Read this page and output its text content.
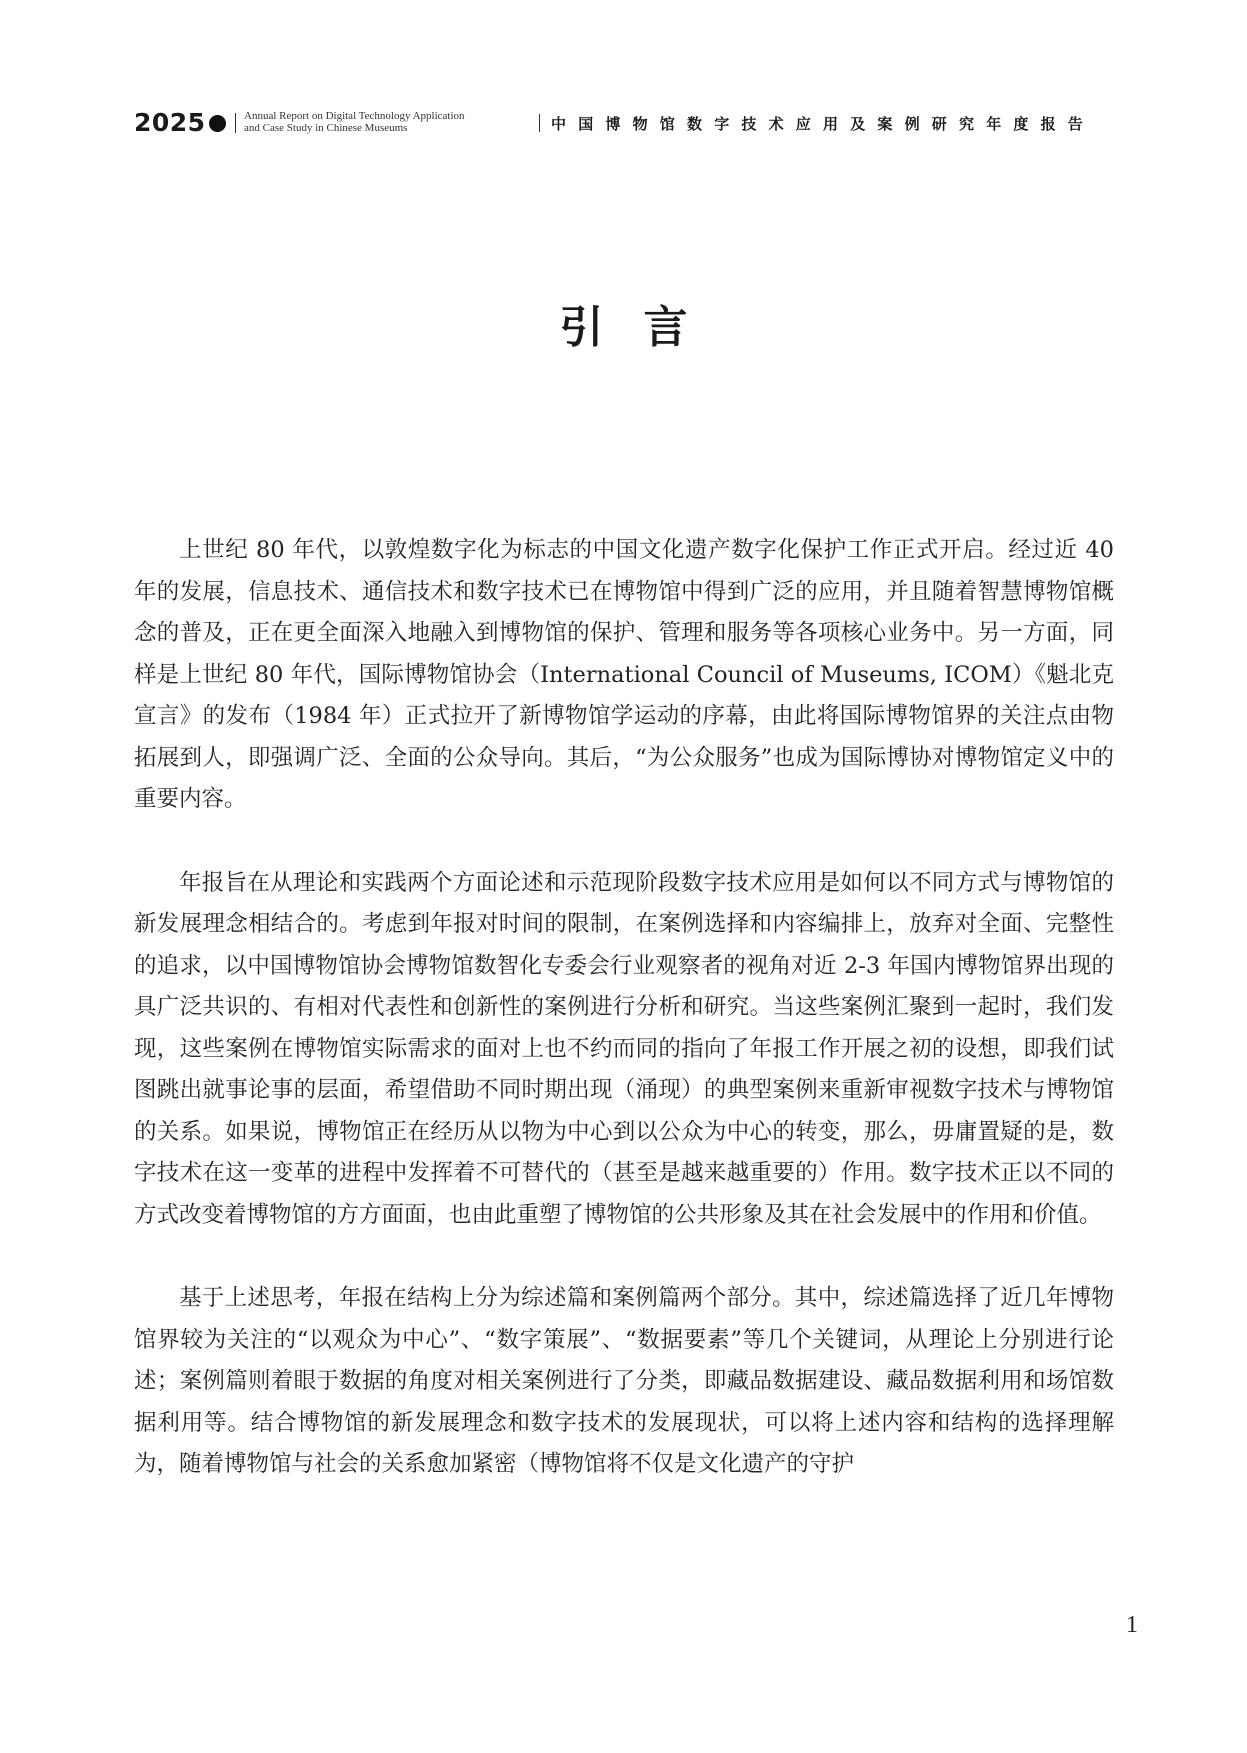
2025	Annual Report on Digital Technology Application
and Case Study in Chinese Museums	中国博物馆数字技术应用及案例研究年度报告
引言

上世纪 80 年代，以敦煌数字化为标志的中国文化遗产数字化保护工作正式开启。经过近 40 年的发展，信息技术、通信技术和数字技术已在博物馆中得到广泛的应用，并且随着智慧博物馆概念的普及，正在更全面深入地融入到博物馆的保护、管理和服务等各项核心业务中。另一方面，同样是上世纪 80 年代，国际博物馆协会（International Council of Museums, ICOM）《魁北克宣言》的发布（1984 年）正式拉开了新博物馆学运动的序幕，由此将国际博物馆界的关注点由物拓展到人，即强调广泛、全面的公众导向。其后，“为公众服务”也成为国际博协对博物馆定义中的重要内容。

年报旨在从理论和实践两个方面论述和示范现阶段数字技术应用是如何以不同方式与博物馆的新发展理念相结合的。考虑到年报对时间的限制，在案例选择和内容编排上，放弃对全面、完整性的追求，以中国博物馆协会博物馆数智化专委会行业观察者的视角对近 2-3 年国内博物馆界出现的具广泛共识的、有相对代表性和创新性的案例进行分析和研究。当这些案例汇聚到一起时，我们发现，这些案例在博物馆实际需求的面对上也不约而同的指向了年报工作开展之初的设想，即我们试图跳出就事论事的层面，希望借助不同时期出现（涌现）的典型案例来重新审视数字技术与博物馆的关系。如果说，博物馆正在经历从以物为中心到以公众为中心的转变，那么，毋庸置疑的是，数字技术在这一变革的进程中发挥着不可替代的（甚至是越来越重要的）作用。数字技术正以不同的方式改变着博物馆的方方面面，也由此重塑了博物馆的公共形象及其在社会发展中的作用和价值。

基于上述思考，年报在结构上分为综述篇和案例篇两个部分。其中，综述篇选择了近几年博物馆界较为关注的“以观众为中心”、“数字策展”、“数据要素”等几个关键词，从理论上分别进行论述；案例篇则着眼于数据的角度对相关案例进行了分类，即藏品数据建设、藏品数据利用和场馆数据利用等。结合博物馆的新发展理念和数字技术的发展现状，可以将上述内容和结构的选择理解为，随着博物馆与社会的关系愈加紧密（博物馆将不仅是文化遗产的守护

1
